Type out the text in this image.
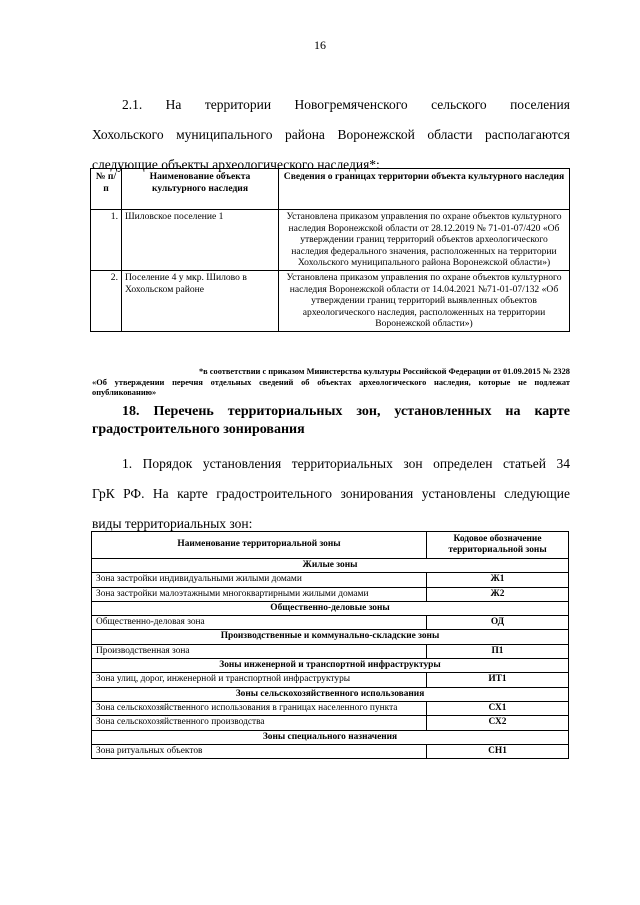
16
2.1. На территории Новогремяченского сельского поселения
Хохольского муниципального района Воронежской области располагаются
следующие объекты археологического наследия*:
№ п/п	Наименование объекта культурного наследия	Сведения о границах территории объекта культурного наследия
1.	Шиловское поселение 1	Установлена приказом управления по охране объектов культурного наследия Воронежской области от 28.12.2019 № 71-01-07/420 «Об утверждении границ территорий объектов археологического наследия федерального значения, расположенных на территории Хохольского муниципального района Воронежской области»)
2.	Поселение 4 у мкр. Шилово в Хохольском районе	Установлена приказом управления по охране объектов культурного наследия Воронежской области от 14.04.2021 №71-01-07/132 «Об утверждении границ территорий выявленных объектов археологического наследия, расположенных на территории Воронежской области»)
*в соответствии с приказом Министерства культуры Российской Федерации от 01.09.2015 № 2328
«Об утверждении перечня отдельных сведений об объектах археологического наследия, которые не подлежат опубликованию»
18. Перечень территориальных зон, установленных на карте градостроительного зонирования
1. Порядок установления территориальных зон определен статьей 34
ГрК РФ. На карте градостроительного зонирования установлены следующие
виды территориальных зон:
Наименование территориальной зоны	Кодовое обозначение территориальной зоны
Жилые зоны	
Зона застройки индивидуальными жилыми домами	Ж1
Зона застройки малоэтажными многоквартирными жилыми домами	Ж2
Общественно-деловые зоны	
Общественно-деловая зона	ОД
Производственные и коммунально-складские зоны	
Производственная зона	П1
Зоны инженерной и транспортной инфраструктуры	
Зона улиц, дорог, инженерной и транспортной инфраструктуры	ИТ1
Зоны сельскохозяйственного использования	
Зона сельскохозяйственного использования в границах населенного пункта	СХ1
Зона сельскохозяйственного производства	СХ2
Зоны специального назначения	
Зона ритуальных объектов	СН1
